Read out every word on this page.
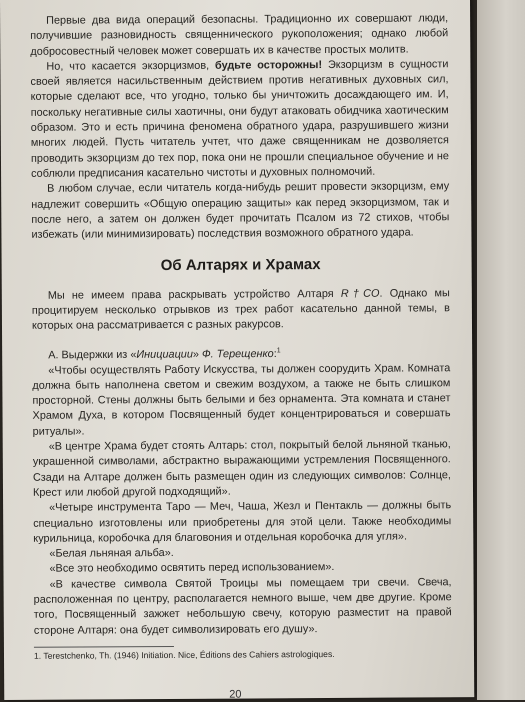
Первые два вида операций безопасны. Традиционно их совершают люди, получившие разновидность священнического рукоположения; однако любой добросовестный человек может совершать их в качестве простых молитв.

Но, что касается экзорцизмов, будьте осторожны! Экзорцизм в сущности своей является насильственным действием против негативных духовных сил, которые сделают все, что угодно, только бы уничтожить досаждающего им. И, поскольку негативные силы хаотичны, они будут атаковать обидчика хаотическим образом. Это и есть причина феномена обратного удара, разрушившего жизни многих людей. Пусть читатель учтет, что даже священникам не дозволяется проводить экзорцизм до тех пор, пока они не прошли специальное обучение и не соблюли предписания касательно чистоты и духовных полномочий.

В любом случае, если читатель когда-нибудь решит провести экзорцизм, ему надлежит совершить «Общую операцию защиты» как перед экзорцизмом, так и после него, а затем он должен будет прочитать Псалом из 72 стихов, чтобы избежать (или минимизировать) последствия возможного обратного удара.

Об Алтарях и Храмах

Мы не имеем права раскрывать устройство Алтаря R†CO. Однако мы процитируем несколько отрывков из трех работ касательно данной темы, в которых она рассматривается с разных ракурсов.

А. Выдержки из «Инициации» Ф. Терещенко:$^1$

«Чтобы осуществлять Работу Искусства, ты должен соорудить Храм. Комната должна быть наполнена светом и свежим воздухом, а также не быть слишком просторной. Стены должны быть белыми и без орнамента. Эта комната и станет Храмом Духа, в котором Посвященный будет концентрироваться и совершать ритуалы».

«В центре Храма будет стоять Алтарь: стол, покрытый белой льняной тканью, украшенной символами, абстрактно выражающими устремления Посвященного. Сзади на Алтаре должен быть размещен один из следующих символов: Солнце, Крест или любой другой подходящий».

«Четыре инструмента Таро — Меч, Чаша, Жезл и Пентакль — должны быть специально изготовлены или приобретены для этой цели. Также необходимы курильница, коробочка для благовония и отдельная коробочка для угля».

«Белая льняная альба».

«Все это необходимо освятить перед использованием».

«В качестве символа Святой Троицы мы помещаем три свечи. Свеча, расположенная по центру, располагается немного выше, чем две другие. Кроме того, Посвященный зажжет небольшую свечу, которую разместит на правой стороне Алтаря: она будет символизировать его душу».

1. Terestchenko, Th. (1946) Initiation. Nice, Éditions des Cahiers astrologiques.

20
